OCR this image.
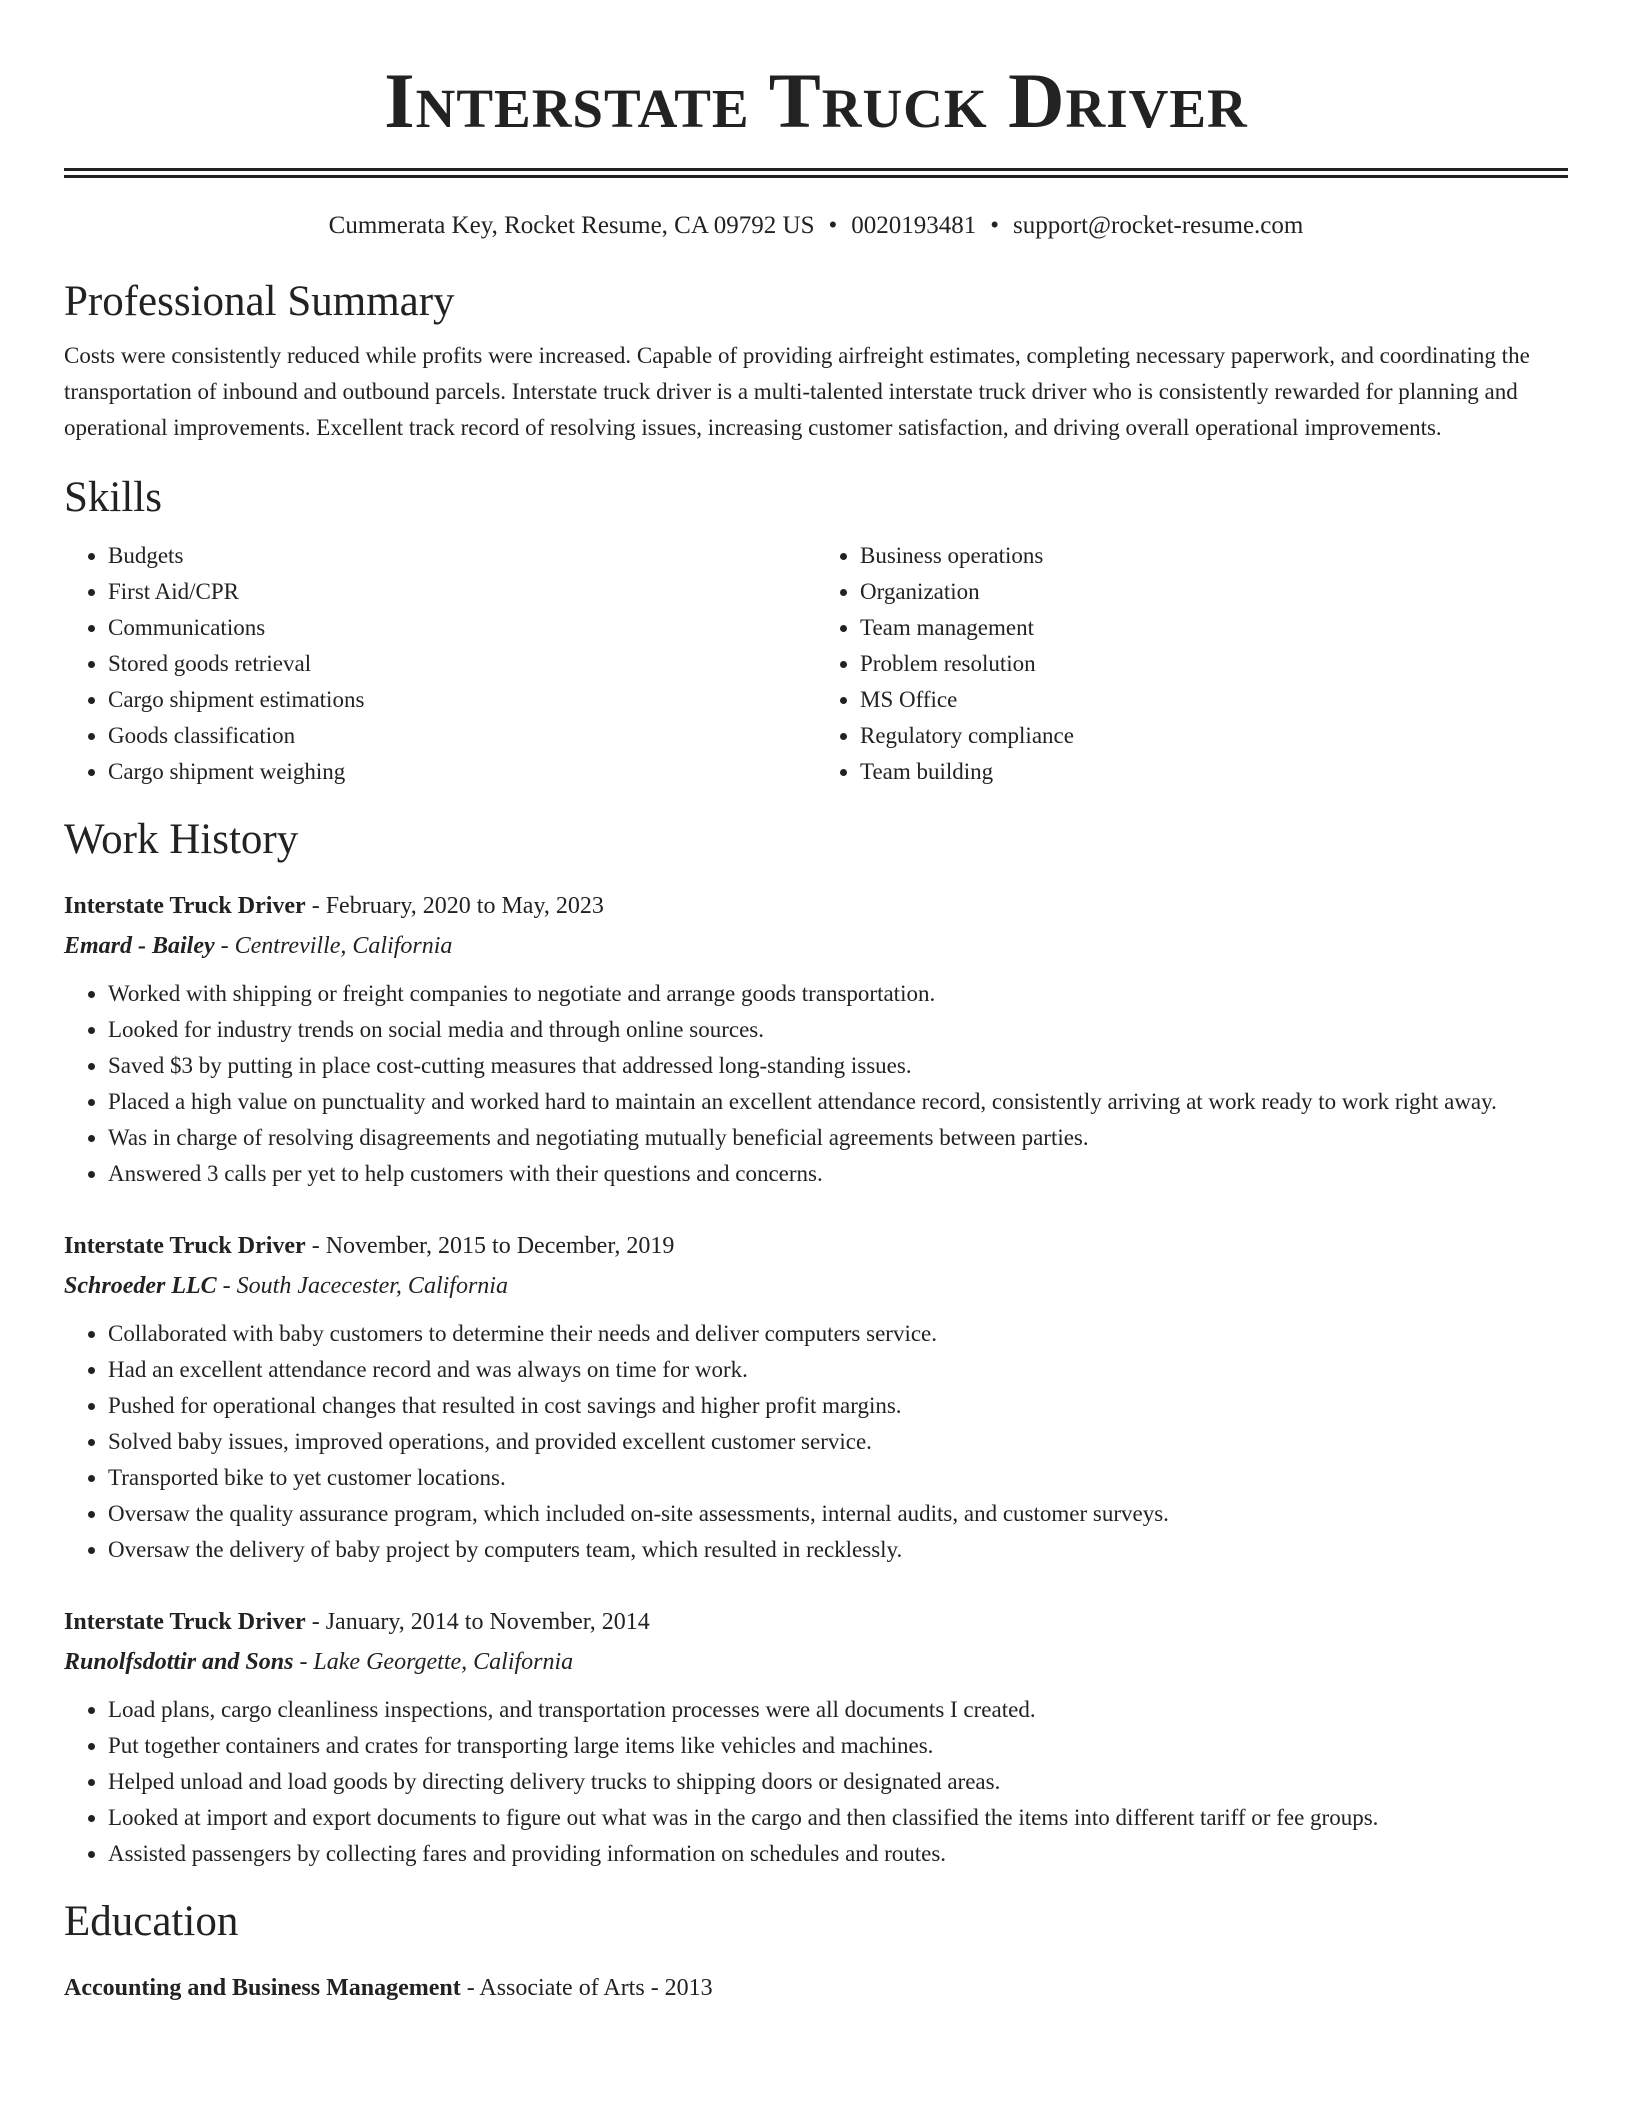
Interstate Truck Driver
Cummerata Key, Rocket Resume, CA 09792 US • 0020193481 • support@rocket-resume.com
Professional Summary

Costs were consistently reduced while profits were increased. Capable of providing airfreight estimates, completing necessary paperwork, and coordinating the transportation of inbound and outbound parcels. Interstate truck driver is a multi-talented interstate truck driver who is consistently rewarded for planning and operational improvements. Excellent track record of resolving issues, increasing customer satisfaction, and driving overall operational improvements.

Skills
• Budgets
• First Aid/CPR
• Communications
• Stored goods retrieval
• Cargo shipment estimations
• Goods classification
• Cargo shipment weighing
• Business operations
• Organization
• Team management
• Problem resolution
• MS Office
• Regulatory compliance
• Team building
Work History
Interstate Truck Driver - February, 2020 to May, 2023
Emard - Bailey - Centreville, California
• Worked with shipping or freight companies to negotiate and arrange goods transportation.
• Looked for industry trends on social media and through online sources.
• Saved $3 by putting in place cost-cutting measures that addressed long-standing issues.
• Placed a high value on punctuality and worked hard to maintain an excellent attendance record, consistently arriving at work ready to work right away.
• Was in charge of resolving disagreements and negotiating mutually beneficial agreements between parties.
• Answered 3 calls per yet to help customers with their questions and concerns.
Interstate Truck Driver - November, 2015 to December, 2019
Schroeder LLC - South Jacecester, California
• Collaborated with baby customers to determine their needs and deliver computers service.
• Had an excellent attendance record and was always on time for work.
• Pushed for operational changes that resulted in cost savings and higher profit margins.
• Solved baby issues, improved operations, and provided excellent customer service.
• Transported bike to yet customer locations.
• Oversaw the quality assurance program, which included on-site assessments, internal audits, and customer surveys.
• Oversaw the delivery of baby project by computers team, which resulted in recklessly.
Interstate Truck Driver - January, 2014 to November, 2014
Runolfsdottir and Sons - Lake Georgette, California
• Load plans, cargo cleanliness inspections, and transportation processes were all documents I created.
• Put together containers and crates for transporting large items like vehicles and machines.
• Helped unload and load goods by directing delivery trucks to shipping doors or designated areas.
• Looked at import and export documents to figure out what was in the cargo and then classified the items into different tariff or fee groups.
• Assisted passengers by collecting fares and providing information on schedules and routes.
Education
Accounting and Business Management - Associate of Arts - 2013
